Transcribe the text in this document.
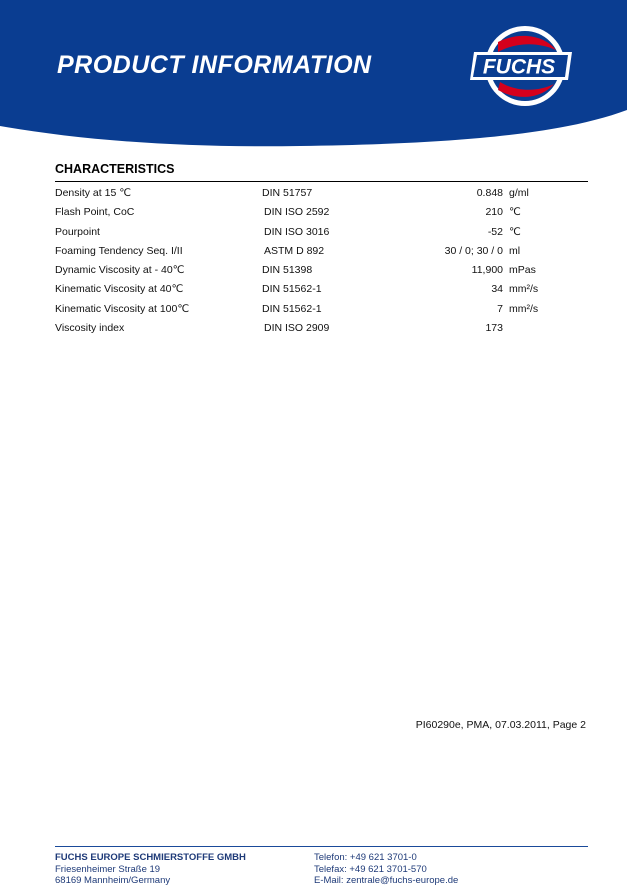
PRODUCT INFORMATION	FUCHS
CHARACTERISTICS
Density at 15 ℃	DIN 51757	0.848 g/ml
Flash Point, CoC	DIN ISO 2592	210 ℃
Pourpoint	DIN ISO 3016	-52 ℃
Foaming Tendency Seq. I/II	ASTM D 892	30 / 0; 30 / 0 ml
Dynamic Viscosity at - 40℃	DIN 51398	11,900 mPas
Kinematic Viscosity at 40℃	DIN 51562-1	34 mm²/s
Kinematic Viscosity at 100℃	DIN 51562-1	7 mm²/s
Viscosity index	DIN ISO 2909	173
PI60290e, PMA, 07.03.2011, Page 2
FUCHS EUROPE SCHMIERSTOFFE GMBH
Friesenheimer Straße 19
68169 Mannheim/Germany
Telefon: +49 621 3701-0
Telefax: +49 621 3701-570
E-Mail: zentrale@fuchs-europe.de
